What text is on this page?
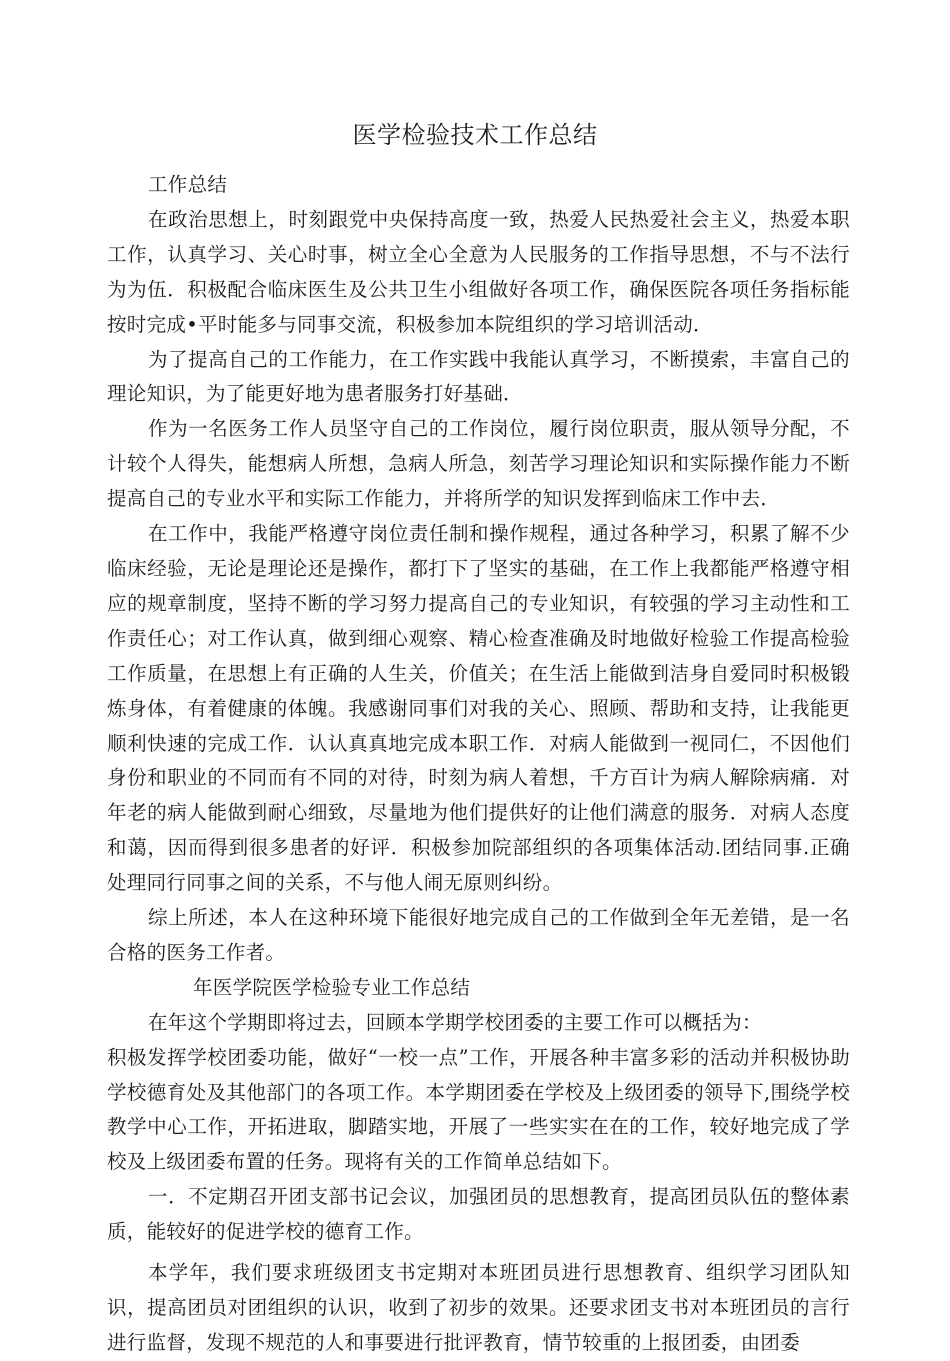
医学检验技术工作总结

工作总结

在政治思想上，时刻跟党中央保持高度一致，热爱人民热爱社会主义，热爱本职工作，认真学习、关心时事，树立全心全意为人民服务的工作指导思想，不与不法行为为伍．积极配合临床医生及公共卫生小组做好各项工作，确保医院各项任务指标能按时完成•平时能多与同事交流，积极参加本院组织的学习培训活动．

为了提高自己的工作能力，在工作实践中我能认真学习，不断摸索，丰富自己的理论知识，为了能更好地为患者服务打好基础．

作为一名医务工作人员坚守自己的工作岗位，履行岗位职责，服从领导分配，不计较个人得失，能想病人所想，急病人所急，刻苦学习理论知识和实际操作能力不断提高自己的专业水平和实际工作能力，并将所学的知识发挥到临床工作中去．

在工作中，我能严格遵守岗位责任制和操作规程，通过各种学习，积累了解不少临床经验，无论是理论还是操作，都打下了坚实的基础，在工作上我都能严格遵守相应的规章制度，坚持不断的学习努力提高自己的专业知识，有较强的学习主动性和工作责任心；对工作认真，做到细心观察、精心检查准确及时地做好检验工作提高检验工作质量，在思想上有正确的人生关，价值关；在生活上能做到洁身自爱同时积极锻炼身体，有着健康的体魄。我感谢同事们对我的关心、照顾、帮助和支持，让我能更顺利快速的完成工作．认认真真地完成本职工作．对病人能做到一视同仁，不因他们身份和职业的不同而有不同的对待，时刻为病人着想，千方百计为病人解除病痛．对年老的病人能做到耐心细致，尽量地为他们提供好的让他们满意的服务．对病人态度和蔼，因而得到很多患者的好评．积极参加院部组织的各项集体活动.团结同事.正确处理同行同事之间的关系，不与他人闹无原则纠纷。

综上所述，本人在这种环境下能很好地完成自己的工作做到全年无差错，是一名合格的医务工作者。

年医学院医学检验专业工作总结

在年这个学期即将过去，回顾本学期学校团委的主要工作可以概括为：

积极发挥学校团委功能，做好“一校一点”工作，开展各种丰富多彩的活动并积极协助学校德育处及其他部门的各项工作。本学期团委在学校及上级团委的领导下,围绕学校教学中心工作，开拓进取，脚踏实地，开展了一些实实在在的工作，较好地完成了学校及上级团委布置的任务。现将有关的工作简单总结如下。

一．不定期召开团支部书记会议，加强团员的思想教育，提高团员队伍的整体素质，能较好的促进学校的德育工作。

本学年，我们要求班级团支书定期对本班团员进行思想教育、组织学习团队知识，提高团员对团组织的认识，收到了初步的效果。还要求团支书对本班团员的言行进行监督，发现不规范的人和事要进行批评教育，情节较重的上报团委，由团委
